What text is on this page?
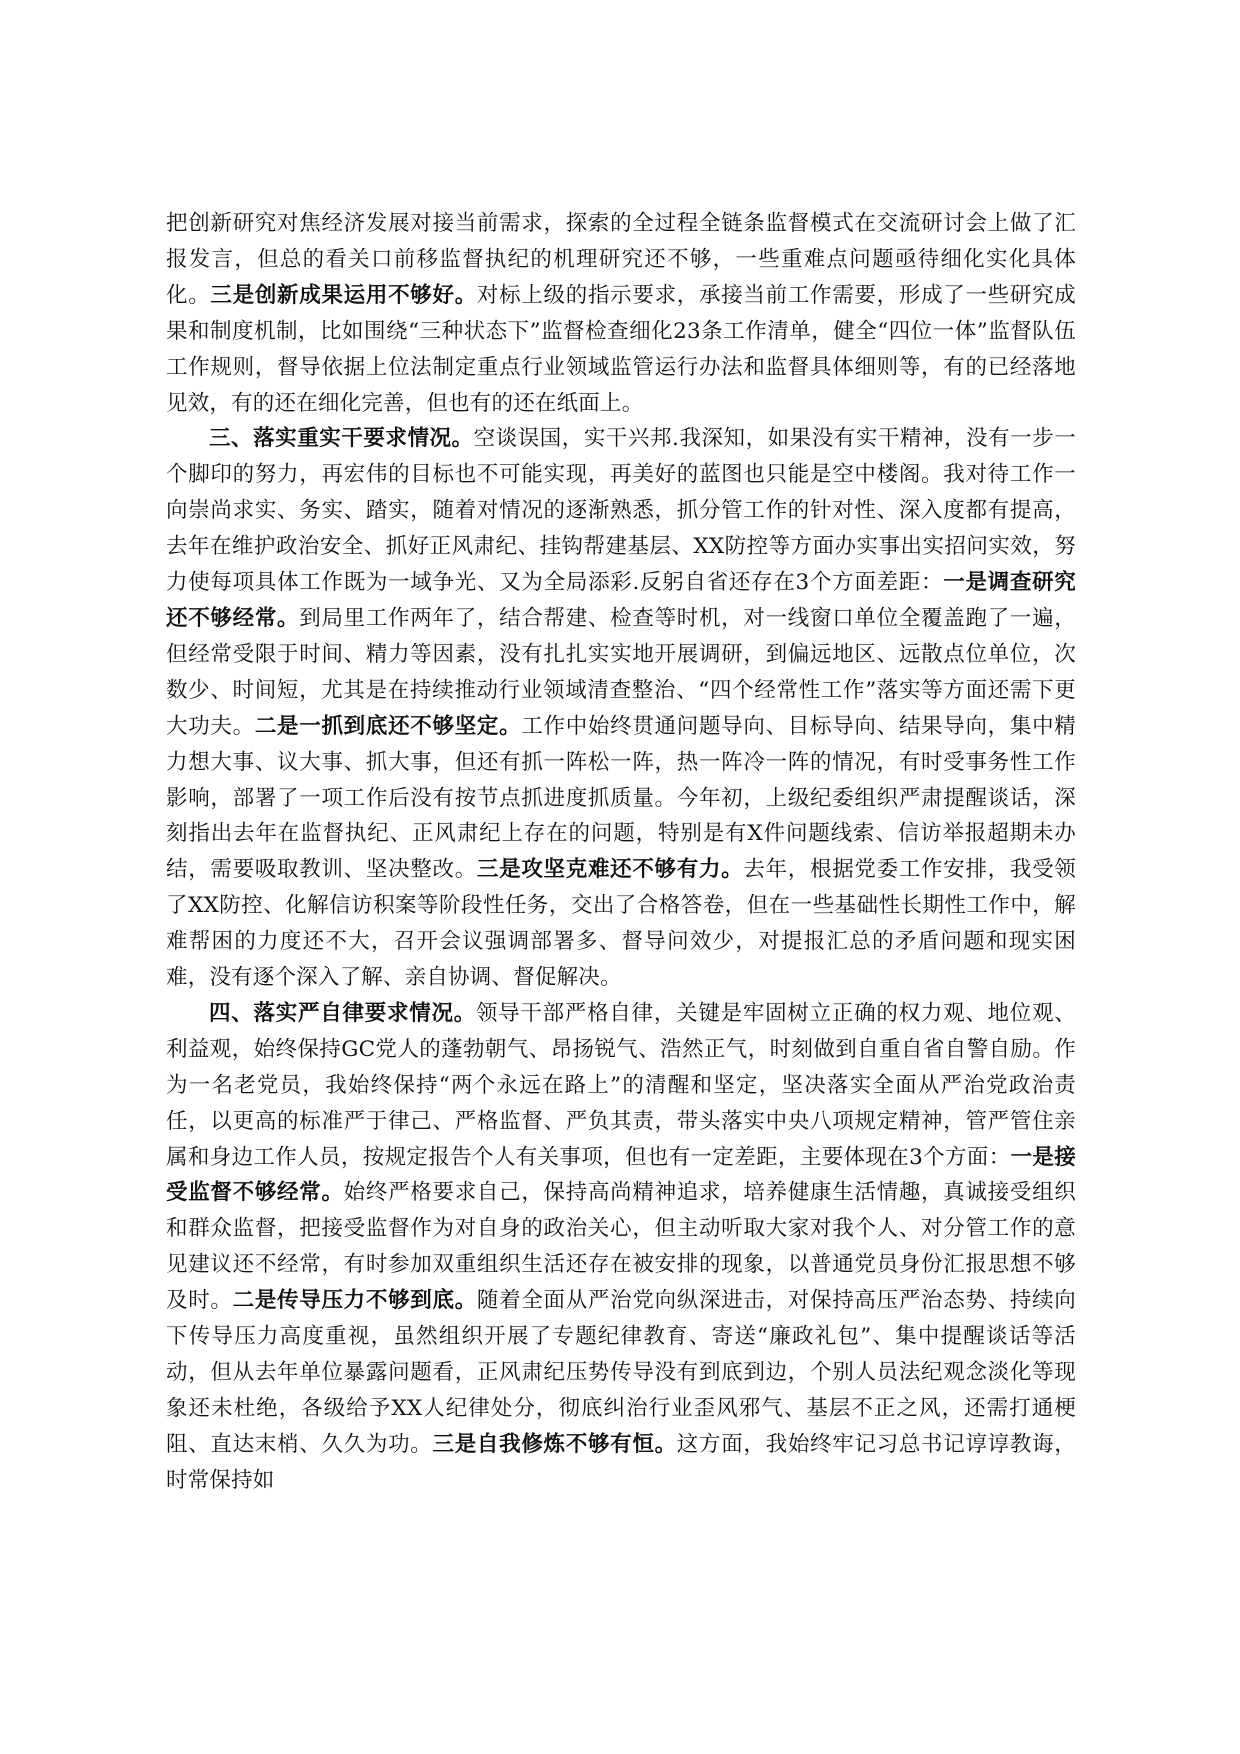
把创新研究对焦经济发展对接当前需求，探索的全过程全链条监督模式在交流研讨会上做了汇报发言，但总的看关口前移监督执纪的机理研究还不够，一些重难点问题亟待细化实化具体化。三是创新成果运用不够好。对标上级的指示要求，承接当前工作需要，形成了一些研究成果和制度机制，比如围绕“三种状态下”监督检查细化23条工作清单，健全“四位一体”监督队伍工作规则，督导依据上位法制定重点行业领域监管运行办法和监督具体细则等，有的已经落地见效，有的还在细化完善，但也有的还在纸面上。

三、落实重实干要求情况。空谈误国，实干兴邦.我深知，如果没有实干精神，没有一步一个脚印的努力，再宏伟的目标也不可能实现，再美好的蓝图也只能是空中楼阁。我对待工作一向崇尚求实、务实、踏实，随着对情况的逐渐熟悉，抓分管工作的针对性、深入度都有提高，去年在维护政治安全、抓好正风肃纪、挂钩帮建基层、XX防控等方面办实事出实招问实效，努力使每项具体工作既为一域争光、又为全局添彩.反躬自省还存在3个方面差距：一是调查研究还不够经常。到局里工作两年了，结合帮建、检查等时机，对一线窗口单位全覆盖跑了一遍，但经常受限于时间、精力等因素，没有扎扎实实地开展调研，到偏远地区、远散点位单位，次数少、时间短，尤其是在持续推动行业领域清查整治、“四个经常性工作”落实等方面还需下更大功夫。二是一抓到底还不够坚定。工作中始终贯通问题导向、目标导向、结果导向，集中精力想大事、议大事、抓大事，但还有抓一阵松一阵，热一阵冷一阵的情况，有时受事务性工作影响，部署了一项工作后没有按节点抓进度抓质量。今年初，上级纪委组织严肃提醒谈话，深刻指出去年在监督执纪、正风肃纪上存在的问题，特别是有X件问题线索、信访举报超期未办结，需要吸取教训、坚决整改。三是攻坚克难还不够有力。去年，根据党委工作安排，我受领了XX防控、化解信访积案等阶段性任务，交出了合格答卷，但在一些基础性长期性工作中，解难帮困的力度还不大，召开会议强调部署多、督导问效少，对提报汇总的矛盾问题和现实困难，没有逐个深入了解、亲自协调、督促解决。

四、落实严自律要求情况。领导干部严格自律，关键是牢固树立正确的权力观、地位观、利益观，始终保持GC党人的蓬勃朝气、昂扬锐气、浩然正气，时刻做到自重自省自警自励。作为一名老党员，我始终保持“两个永远在路上”的清醒和坚定，坚决落实全面从严治党政治责任，以更高的标准严于律己、严格监督、严负其责，带头落实中央八项规定精神，管严管住亲属和身边工作人员，按规定报告个人有关事项，但也有一定差距，主要体现在3个方面：一是接受监督不够经常。始终严格要求自己，保持高尚精神追求，培养健康生活情趣，真诚接受组织和群众监督，把接受监督作为对自身的政治关心，但主动听取大家对我个人、对分管工作的意见建议还不经常，有时参加双重组织生活还存在被安排的现象，以普通党员身份汇报思想不够及时。二是传导压力不够到底。随着全面从严治党向纵深进击，对保持高压严治态势、持续向下传导压力高度重视，虽然组织开展了专题纪律教育、寄送“廉政礼包”、集中提醒谈话等活动，但从去年单位暴露问题看，正风肃纪压势传导没有到底到边，个别人员法纪观念淡化等现象还未杜绝，各级给予XX人纪律处分，彻底纠治行业歪风邪气、基层不正之风，还需打通梗阻、直达末梢、久久为功。三是自我修炼不够有恒。这方面，我始终牢记习总书记谆谆教诲，时常保持如
